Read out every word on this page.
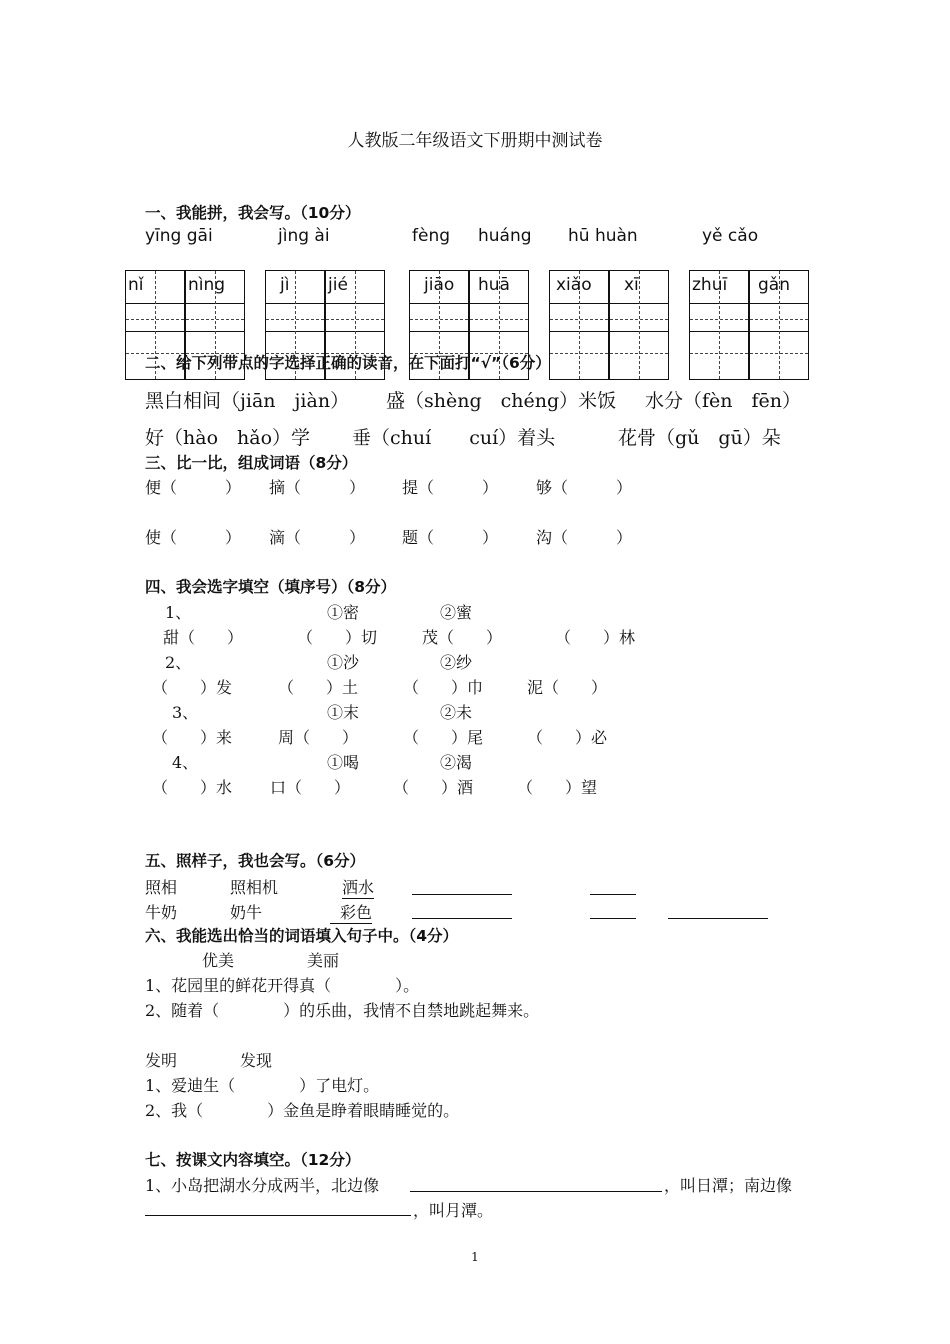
人教版二年级语文下册期中测试卷
一、我能拼，我会写。（10分）
yīng gāi	jìng ài	fèng huáng hū huàn	yě cǎo
nǐ	nìng	jì jié	jiāo huā	xiǎo xī	zhuī gǎn
二、给下列带点的字选择正确的读音，在下面打“√”（6分）
黑白相间（jiān　jiàn） 盛（shèng　chéng）米饭 水分（fèn　fēn）
好（hào　hǎo）学 垂（chuí　　cuí）着头	花骨（gǔ　gū）朵
三、比一比，组成词语（8分）
便（　　　） 摘（　　　） 提（　　　） 够（　　　）
使（　　　） 滴（　　　） 题（　　　） 沟（　　　）
四、我会选字填空（填序号）（8分）
1、	①密	②蜜
甜（　　）	（　　）切	茂（　　）	（　　）林
2、	①沙	②纱
（　　）发	（　　）土	（　　）巾	泥（　　）
3、	①末	②未
（　　）来	周（　　）	（　　）尾	（　　）必
4、	①喝	②渴
（　　）水 口（　　）	（　　）酒	（　　）望
五、照样子，我也会写。（6分）
照相	照相机	洒水
牛奶	奶牛	彩色
六、我能选出恰当的词语填入句子中。（4分）
优美	美丽
1、花园里的鲜花开得真（　　　　）。
2、随着（　　　　）的乐曲，我情不自禁地跳起舞来。
发明	发现
1、爱迪生（　　　　）了电灯。
2、我（　　　　）金鱼是睁着眼睛睡觉的。
七、按课文内容填空。（12分）
1、小岛把湖水分成两半，北边像	，叫日潭；南边像
，叫月潭。
1
